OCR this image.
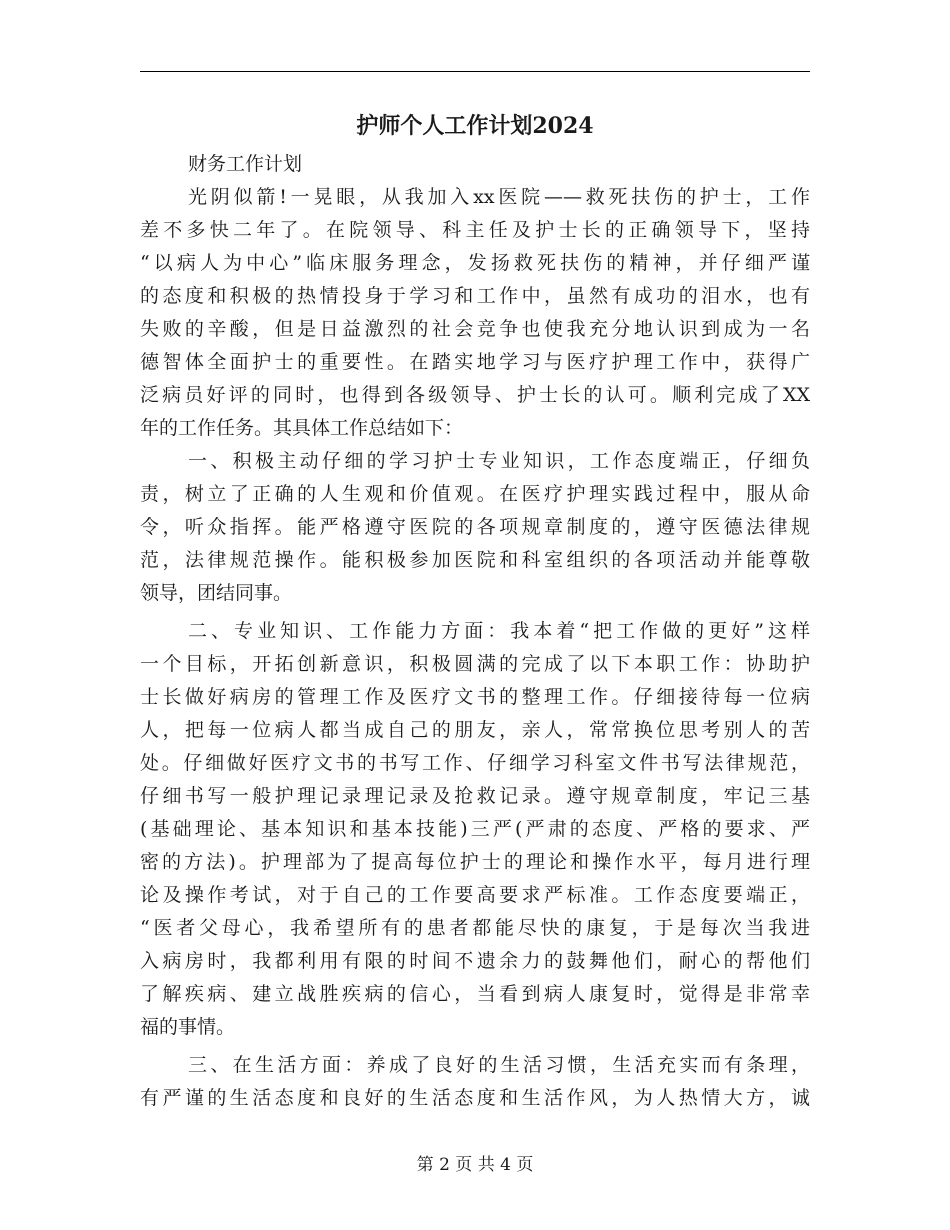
护师个人工作计划2024
财务工作计划
光阴似箭!一晃眼，从我加入xx医院——救死扶伤的护士，工作
差不多快二年了。在院领导、科主任及护士长的正确领导下，坚持
“以病人为中心”临床服务理念，发扬救死扶伤的精神，并仔细严谨
的态度和积极的热情投身于学习和工作中，虽然有成功的泪水，也有
失败的辛酸，但是日益激烈的社会竞争也使我充分地认识到成为一名
德智体全面护士的重要性。在踏实地学习与医疗护理工作中，获得广
泛病员好评的同时，也得到各级领导、护士长的认可。顺利完成了XX
年的工作任务。其具体工作总结如下：
一、积极主动仔细的学习护士专业知识，工作态度端正，仔细负
责，树立了正确的人生观和价值观。在医疗护理实践过程中，服从命
令，听众指挥。能严格遵守医院的各项规章制度的，遵守医德法律规
范，法律规范操作。能积极参加医院和科室组织的各项活动并能尊敬
领导，团结同事。
二、专业知识、工作能力方面：我本着“把工作做的更好”这样
一个目标，开拓创新意识，积极圆满的完成了以下本职工作：协助护
士长做好病房的管理工作及医疗文书的整理工作。仔细接待每一位病
人，把每一位病人都当成自己的朋友，亲人，常常换位思考别人的苦
处。仔细做好医疗文书的书写工作、仔细学习科室文件书写法律规范，
仔细书写一般护理记录理记录及抢救记录。遵守规章制度，牢记三基
(基础理论、基本知识和基本技能)三严(严肃的态度、严格的要求、严
密的方法)。护理部为了提高每位护士的理论和操作水平，每月进行理
论及操作考试，对于自己的工作要高要求严标准。工作态度要端正，
“医者父母心，我希望所有的患者都能尽快的康复，于是每次当我进
入病房时，我都利用有限的时间不遗余力的鼓舞他们，耐心的帮他们
了解疾病、建立战胜疾病的信心，当看到病人康复时，觉得是非常幸
福的事情。
三、在生活方面：养成了良好的生活习惯，生活充实而有条理，
有严谨的生活态度和良好的生活态度和生活作风，为人热情大方，诚
第 2 页 共 4 页
